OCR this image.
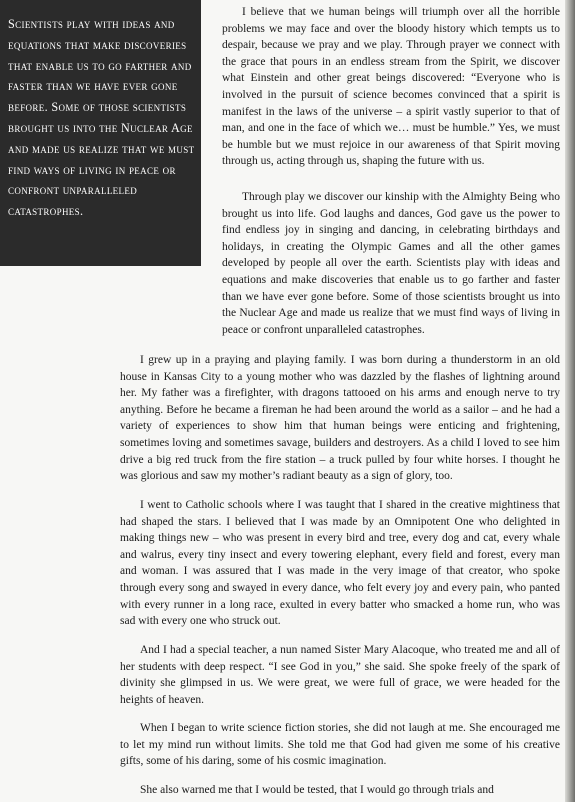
Scientists play with ideas and equations that make discoveries that enable us to go farther and faster than we have ever gone before. Some of those scientists brought us into the Nuclear Age and made us realize that we must find ways of living in peace or confront unparalleled catastrophes.

I believe that we human beings will triumph over all the horrible problems we may face and over the bloody history which tempts us to despair, because we pray and we play. Through prayer we connect with the grace that pours in an endless stream from the Spirit, we discover what Einstein and other great beings discovered: “Everyone who is involved in the pursuit of science becomes convinced that a spirit is manifest in the laws of the universe – a spirit vastly superior to that of man, and one in the face of which we… must be humble.” Yes, we must be humble but we must rejoice in our awareness of that Spirit moving through us, acting through us, shaping the future with us.

Through play we discover our kinship with the Almighty Being who brought us into life. God laughs and dances, God gave us the power to find endless joy in singing and dancing, in celebrating birthdays and holidays, in creating the Olympic Games and all the other games developed by people all over the earth. Scientists play with ideas and equations and make discoveries that enable us to go farther and faster than we have ever gone before. Some of those scientists brought us into the Nuclear Age and made us realize that we must find ways of living in peace or confront unparalleled catastrophes.

I grew up in a praying and playing family. I was born during a thunderstorm in an old house in Kansas City to a young mother who was dazzled by the flashes of lightning around her. My father was a firefighter, with dragons tattooed on his arms and enough nerve to try anything. Before he became a fireman he had been around the world as a sailor – and he had a variety of experiences to show him that human beings were enticing and frightening, sometimes loving and sometimes savage, builders and destroyers. As a child I loved to see him drive a big red truck from the fire station – a truck pulled by four white horses. I thought he was glorious and saw my mother’s radiant beauty as a sign of glory, too.

I went to Catholic schools where I was taught that I shared in the creative mightiness that had shaped the stars. I believed that I was made by an Omnipotent One who delighted in making things new – who was present in every bird and tree, every dog and cat, every whale and walrus, every tiny insect and every towering elephant, every field and forest, every man and woman. I was assured that I was made in the very image of that creator, who spoke through every song and swayed in every dance, who felt every joy and every pain, who panted with every runner in a long race, exulted in every batter who smacked a home run, who was sad with every one who struck out.

And I had a special teacher, a nun named Sister Mary Alacoque, who treated me and all of her students with deep respect. “I see God in you,” she said. She spoke freely of the spark of divinity she glimpsed in us. We were great, we were full of grace, we were headed for the heights of heaven.

When I began to write science fiction stories, she did not laugh at me. She encouraged me to let my mind run without limits. She told me that God had given me some of his creative gifts, some of his daring, some of his cosmic imagination.

She also warned me that I would be tested, that I would go through trials and
